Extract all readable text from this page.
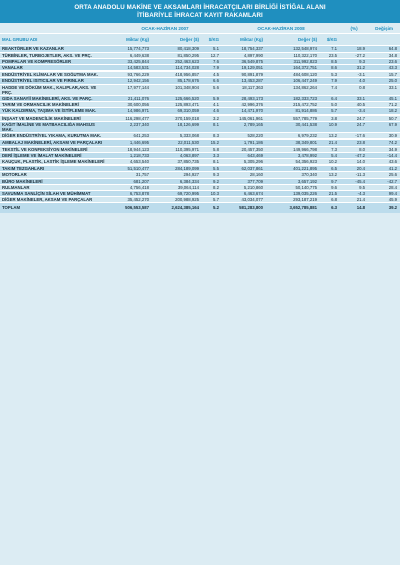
ORTA ANADOLU MAKİNE VE AKSAMLARI İHRACATÇILARI BİRLİĞİ İSTİĞAL ALANI
İTİBARİYLE İHRACAT KAYIT RAKAMLARI
	OCAK-HAZİRAN 2007			OCAK-HAZİRAN 2008			(%)	Değişim
MAL GRUBU ADI	Miktar (Kg)	Değer ($)	$/KG	Miktar (Kg)	Değer ($)	$/KG		
REAKTÖRLER VE KAZANLAR	15,774,773	80,418,309	5.1	18,754,337	132,548,974	7.1	18.9	64.8
TÜRBİNLER, TURBOJETLER, AKS. VE PRÇ.	6,449,638	81,850,295	12.7	4,897,990	110,322,170	23.5	-27.2	34.8
POMPALAR VE KOMPRESÖRLER	33,425,844	252,463,623	7.6	36,549,875	311,992,823	8.5	9.3	23.6
VANALAR	14,583,531	114,734,028	7.9	19,129,051	164,372,751	8.6	31.2	43.3

ENDÜSTRİYEL KLİMALAR VE SOĞUTMA MAK.	93,766,229	418,956,857	4.5	90,891,879	484,608,120	5.3	-3.1	15.7
ENDÜSTRİYEL ISITICILAR VE FIRINLAR	12,942,156	85,178,676	6.6	13,453,287	106,447,249	7.9	4.0	25.0
HADDE VE DÖKÜM MAK., KALIPLAR,AKS. VE PRÇ.	17,977,144	101,348,904	5.6	18,117,363	134,862,264	7.4	0.8	33.1
GIDA SANAYİİ MAKİNELERİ, AKS. VE PARÇ.	21,411,076	125,666,520	5.9	28,493,173	182,333,723	6.4	33.1	45.1
TARIM VE ORMANCILIK MAKİNELERİ	30,600,056	125,893,471	4.1	42,996,376	215,472,752	5.0	40.5	71.2
YÜK KALDIRMA, TAŞIMA VE İSTİFLEME MAK.	14,986,971	69,310,059	4.6	14,471,970	81,914,886	5.7	-3.4	18.2

İNŞAAT VE MADENCİLİK MAKİNELERİ	116,298,477	370,159,018	3.2	145,061,961	557,785,779	3.8	24.7	50.7
KAĞIT İMALİNE VE MATBAACILIĞA MAHSUS MAK.	2,237,340	18,126,699	8.1	2,789,165	30,441,538	10.9	24.7	67.9
DİĞER ENDÜSTRİYEL YIKAMA, KURUTMA MAK.	641,253	5,333,068	8.3	528,220	6,979,232	13.2	-17.6	30.9

AMBALAJ MAKİNELERİ, AKSAM VE PARÇALARI	1,446,695	22,011,530	15.2	1,791,186	38,349,801	21.4	23.8	74.2
TEKSTİL VE KONFEKSİYON MAKİNELERİ	18,944,123	110,395,971	5.8	20,457,350	149,966,798	7.3	8.0	34.9
DERİ İŞLEME VE İMALAT MAKİNELERİ	1,218,733	4,063,897	3.3	643,469	3,478,992	5.4	-47.2	-14.4
KAUÇUK, PLASTİK, LASTİK İŞLEME MAKİNELERİ	4,653,540	37,850,735	8.1	5,305,296	54,356,923	10.2	14.0	43.6

TAKIM TEZGAHLARI	51,510,477	284,189,099	5.5	62,037,861	401,221,895	6.5	20.4	41.2
MOTORLAR	31,757	294,927	9.3	28,160	370,340	13.2	-11.3	25.6
BÜRO MAKİNELERİ	681,207	6,384,334	9.2	377,709	3,657,192	9.7	-45.4	-42.7
RULMANLAR	4,756,418	39,064,114	8.2	5,210,860	50,140,775	9.6	9.5	28.4
SAVUNMA SANLİÇİN SİLAH VE MÜHİMMAT	6,753,878	69,720,995	10.3	6,463,674	139,035,226	21.5	-4.3	99.4
DİĞER MAKİNELER, AKSAM VE PARÇALAR	35,452,270	200,988,925	5.7	43,034,077	293,187,219	6.8	21.4	45.9
TOPLAM	506,553,587	2,624,385,164	5.2	581,283,800	3,652,785,881	6.3	14.8	39.2
